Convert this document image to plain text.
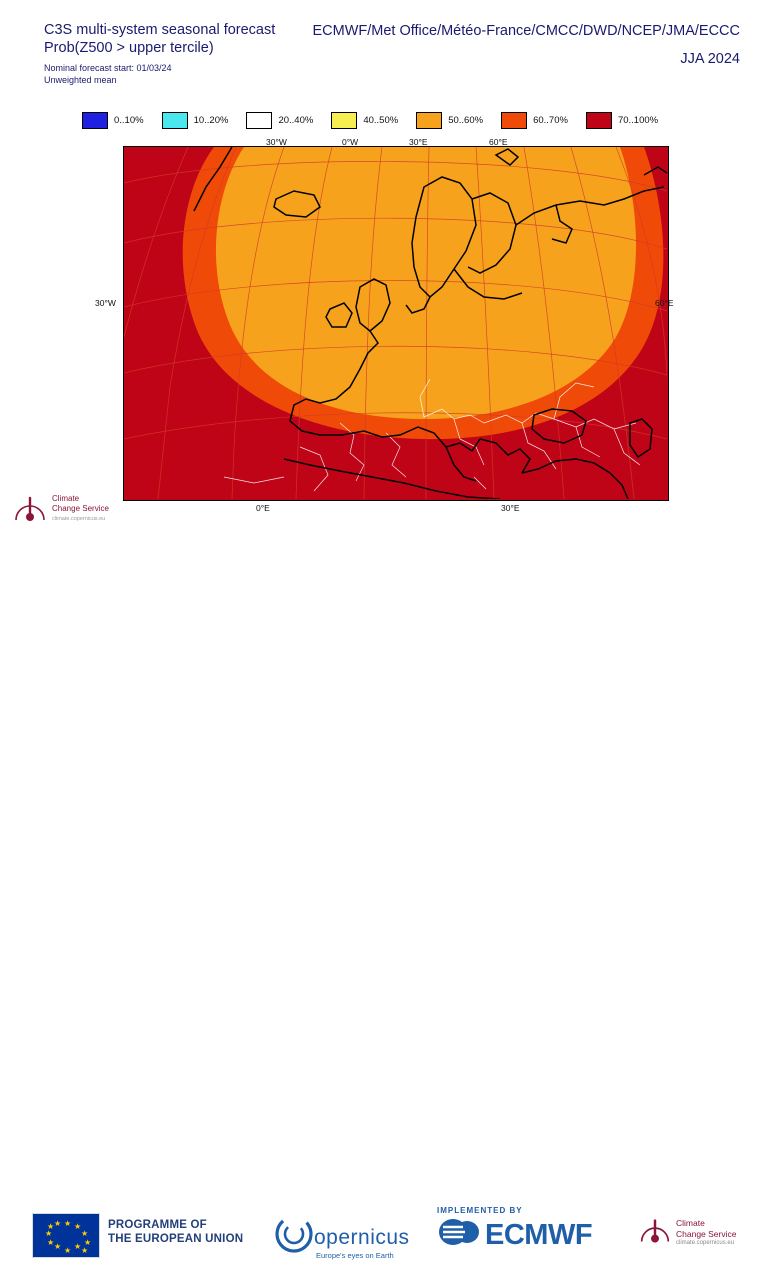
C3S multi-system seasonal forecast
Prob(Z500 > upper tercile)
Nominal forecast start: 01/03/24
Unweighted mean
ECMWF/Met Office/Météo-France/CMCC/DWD/NCEP/JMA/ECCC
JJA 2024
0..10%	10..20%	20..40%	40..50%	50..60%	60..70%	70..100%
30°W	60°E
0°E	30°E
30°W	0°W	30°E	60°E
Climate
Change Service
climate.copernicus.eu
★ ★
★
★
★
★
★
★
★
★
★ ★	PROGRAMME OF
THE EUROPEAN UNION	opernicus
Europe's eyes on Earth
IMPLEMENTED BY
ECMWF	Climate
Change Service
climate.copernicus.eu
